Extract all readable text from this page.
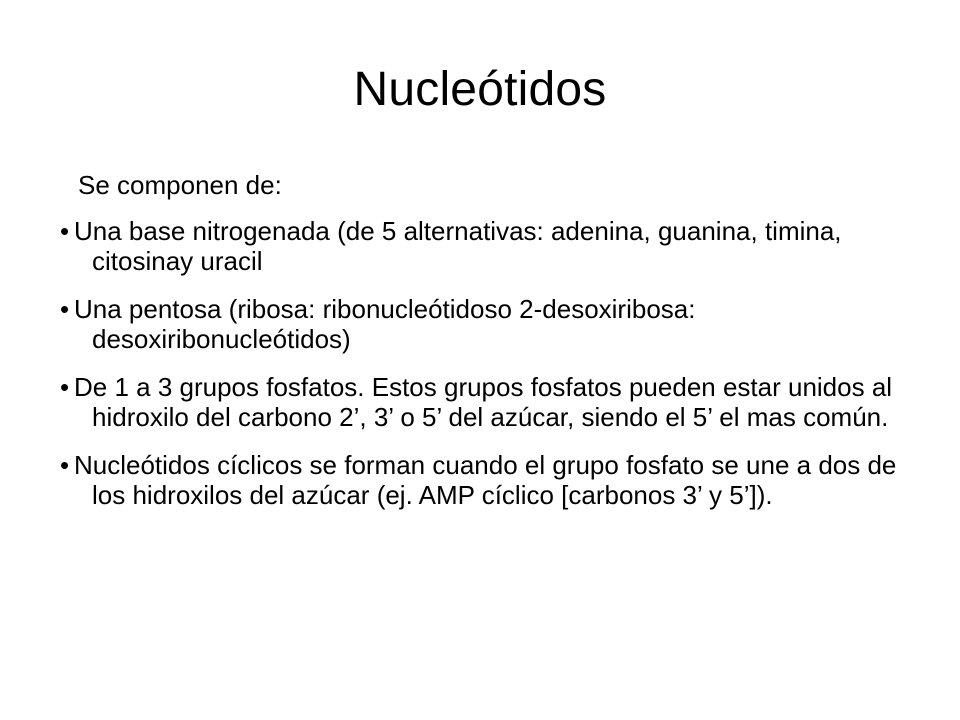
Nucleótidos

Se componen de:

• Una base nitrogenada (de 5 alternativas: adenina, guanina, timina, citosinay uracil

• Una pentosa (ribosa: ribonucleótidoso 2-desoxiribosa: desoxiribonucleótidos)

• De 1 a 3 grupos fosfatos. Estos grupos fosfatos pueden estar unidos al hidroxilo del carbono 2’, 3’ o 5’ del azúcar, siendo el 5’ el mas común.

• Nucleótidos cíclicos se forman cuando el grupo fosfato se une a dos de los hidroxilos del azúcar (ej. AMP cíclico [carbonos 3’ y 5’]).
